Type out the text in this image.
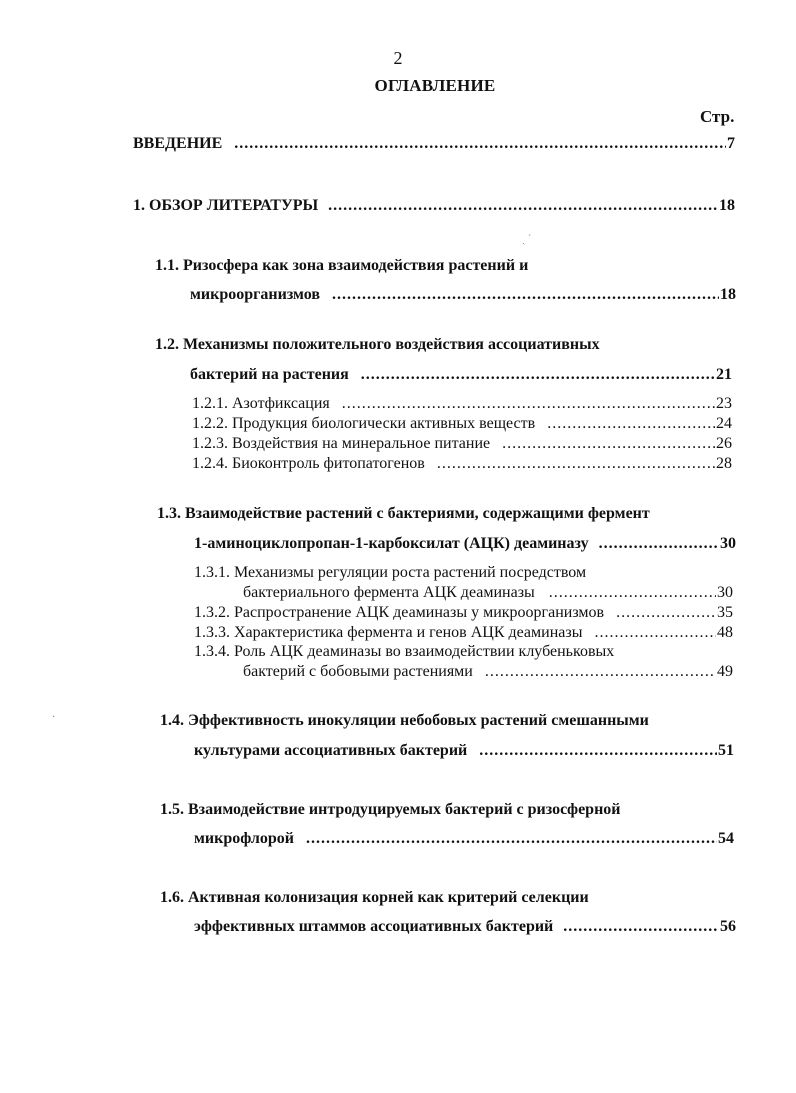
2
ОГЛАВЛЕНИЕ
Стр.
ВВЕДЕНИЕ .....	7
1. ОБЗОР ЛИТЕРАТУРЫ .....	18
ˏ ˊ
1.1. Ризосфера как зона взаимодействия растений и
микроорганизмов .....	18
1.2. Механизмы положительного воздействия ассоциативных
бактерий на растения .....	21
1.2.1. Азотфиксация .....	23
1.2.2. Продукция биологически активных веществ .....	24
1.2.3. Воздействия на минеральное питание .....	26
1.2.4. Биоконтроль фитопатогенов .....	28
1.3. Взаимодействие растений с бактериями, содержащими фермент
1-аминоциклопропан-1-карбоксилат (АЦК) деаминазу .....	30
1.3.1. Механизмы регуляции роста растений посредством
бактериального фермента АЦК деаминазы .....	30
1.3.2. Распространение АЦК деаминазы у микроорганизмов .....	35
1.3.3. Характеристика фермента и генов АЦК деаминазы .....	48
1.3.4. Роль АЦК деаминазы во взаимодействии клубеньковых
бактерий с бобовыми растениями .....	49
·	1.4. Эффективность инокуляции небобовых растений смешанными
культурами ассоциативных бактерий .....	51
1.5. Взаимодействие интродуцируемых бактерий с ризосферной
микрофлорой .....	54
1.6. Активная колонизация корней как критерий селекции
эффективных штаммов ассоциативных бактерий .....	56
